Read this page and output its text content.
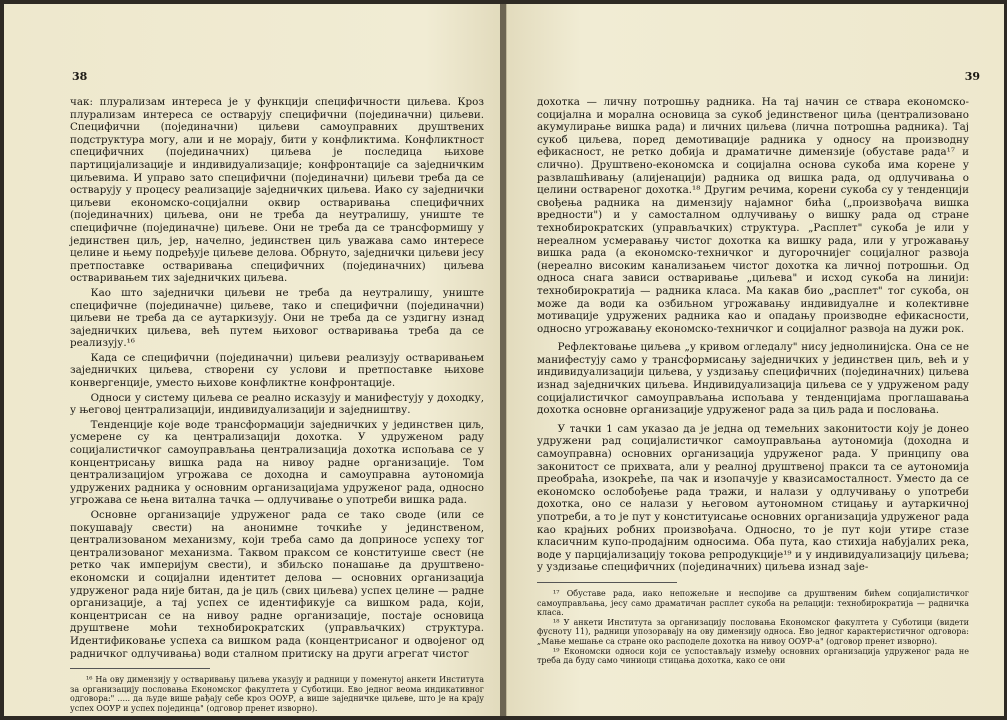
38

чак: плурализам интереса је у функцији специфичности циљева. Кроз плурализам интереса се остварују специфични (појединачни) циљеви. Специфични (појединачни) циљеви самоуправних друштвених подструктура могу, али и не морају, бити у конфликтима. Конфликтност специфичних (појединачних) циљева је последица њихове партицијализације и индивидуализације; конфронтације са заједничким циљевима. И управо зато специфични (појединачни) циљеви треба да се остварују у процесу реализације заједничких циљева. Иако су заједнички циљеви економско-социјални оквир остваривања специфичних (појединачних) циљева, они не треба да неутралишу, униште те специфичне (појединачне) циљеве. Они не треба да се трансформишу у јединствен циљ, јер, начелно, јединствен циљ уважава само интересе целине и њему подређује циљеве делова. Обрнуто, заједнички циљеви јесу претпоставке остваривања специфичних (појединачних) циљева остваривањем тих заједничких циљева.

Као што заједнички циљеви не треба да неутралишу, униште специфичне (појединачне) циљеве, тако и специфични (појединачни) циљеви не треба да се аутаркизују. Они не треба да се уздигну изнад заједничких циљева, већ путем њиховог остваривања треба да се реализују.¹⁶

Када се специфични (појединачни) циљеви реализују остваривањем заједничких циљева, створени су услови и претпоставке њихове конвергенције, уместо њихове конфликтне конфронтације.

Односи у систему циљева се реално исказују и манифестују у доходку, у његовој централизацији, индивидуализацији и заједништву.

Тенденције које воде трансформацији заједничких у јединствен циљ, усмерене су ка централизацији дохотка. У удруженом раду социјалистичког самоуправљања централизација дохотка испољава се у концентрисању вишка рада на нивоу радне организације. Том централизацијом угрожава се доходна и самоуправна аутономија удружених радника у основним организацијама удруженог рада, односно угрожава се њена витална тачка — одлучивање о употреби вишка рада.

Основне организације удруженог рада се тако своде (или се покушавају свести) на анонимне точкиће у јединственом, централизованом механизму, који треба само да доприносе успеху тог централизованог механизма. Таквом праксом се конституише свест (не ретко чак империјум свести), и збиљско понашање да друштвено-економски и социјални идентитет делова — основних организација удруженог рада није битан, да је циљ (свих циљева) успех целине — радне организације, а тај успех се идентификује са вишком рада, који, концентрисан се на нивоу радне организације, постаје основица друштвене моћи технобирократских (управљачких) структура. Идентификовање успеха са вишком рада (концентрисаног и одвојеног од радничког одлучивања) води сталном притиску на други агрегат чистог

¹⁶ На ову димензију у остваривању циљева указују и радници у поменутој анкети Института за организацију пословања Економског факултета у Суботици. Ево једног веома индикативног одговора:" ..... да људе више рађају себе кроз ООУР, а више заједничке циљеве, што је на крају успех ООУР и успех појединца" (одговор пренет изворно).

39

дохотка — личну потрошњу радника. На тај начин се ствара економско-социјална и морална основица за сукоб јединственог циља (централизовано акумулирање вишка рада) и личних циљева (лична потрошња радника). Тај сукоб циљева, поред демотивације радника у односу на производну ефикасност, не ретко добија и драматичне димензије (обуставе рада¹⁷ и слично). Друштвено-економска и социјална основа сукоба има корене у развлашћивању (алијенацији) радника од вишка рада, од одлучивања о целини оствареног дохотка.¹⁸ Другим речима, корени сукоба су у тенденцији свођења радника на димензију најамног бића („произвођача вишка вредности") и у самосталном одлучивању о вишку рада од стране технобирократских (управљачких) структура. „Расплет" сукоба је или у нереалном усмеравању чистог дохотка ка вишку рада, или у угрожавању вишка рада (а економско-техничког и дугорочнијег социјалног развоја (нереално високим канализањем чистог дохотка ка личној потрошњи. Од односа снага зависи остваривање „циљева" и исход сукоба на линији: технобирократија — радника класа. Ма какав био „расплет" тог сукоба, он може да води ка озбиљном угрожавању индивидуалне и колективне мотивације удружених радника као и опадању производне ефикасности, односно угрожавању економско-техничког и социјалног развоја на дужи рок.

Рефлектовање циљева „у кривом огледалу" нису једнолинијска. Она се не манифестују само у трансформисању заједничких у јединствен циљ, већ и у индивидуализацији циљева, у уздизању специфичних (појединачних) циљева изнад заједничких циљева. Индивидуализација циљева се у удруженом раду социјалистичког самоуправљања испољава у тенденцијама проглашавања дохотка основне организације удруженог рада за циљ рада и пословања.

У тачки 1 сам указао да је једна од темељних законитости коју је донео удружени рад социјалистичког самоуправљања аутономија (доходна и самоуправна) основних организација удруженог рада. У принципу ова законитост се прихвата, али у реалној друштвеној пракси та се аутономија преобраћа, изокреће, па чак и изопачује у квазисамосталност. Уместо да се економско ослобођење рада тражи, и налази у одлучивању о употреби дохотка, оно се налази у његовом аутономном стицању и аутаркичној употреби, а то је пут у конституисање основних организација удруженог рада као крајњих робних произвођача. Односно, то је пут који утире стазе класичним купо-продајним односима. Оба пута, као стихија набујалих река, воде у парцијализацију токова репродукције¹⁹ и у индивидуализацију циљева; у уздизање специфичних (појединачних) циљева изнад заје-

¹⁷ Обуставе рада, иако непожељне и неспојиве са друштвеним бићем социјалистичког самоуправљања, јесу само драматичан расплет сукоба на релацији: технобирократија — радничка класа.

¹⁸ У анкети Института за организацију пословања Економског факултета у Суботици (видети фусноту 11), радници упозоравају на ову димензију односа. Ево једног карактеристичног одговора: „Мање мешање са стране око расподеле дохотка на нивоу ООУР-а" (одговор пренет изворно).

¹⁹ Економски односи који се успостављају између основних организација удруженог рада не треба да буду само чиниоци стицања дохотка, како се они
